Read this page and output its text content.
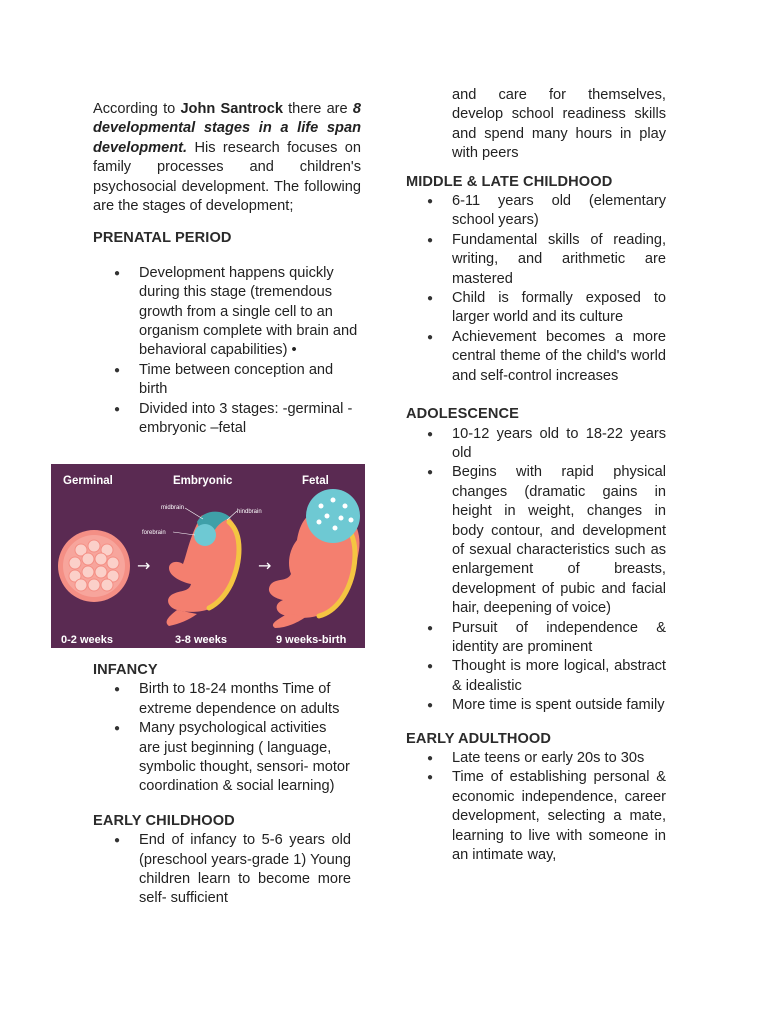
According to John Santrock there are 8 developmental stages in a life span development. His research focuses on family processes and children's psychosocial development. The following are the stages of development;

PRENATAL PERIOD
● Development happens quickly during this stage (tremendous growth from a single cell to an organism complete with brain and behavioral capabilities) •
● Time between conception and birth
● Divided into 3 stages: -germinal -embryonic –fetal
Germinal	Embryonic	Fetal
→	→
midbrain
hindbrain
forebrain
0-2 weeks	3-8 weeks	9 weeks-birth
INFANCY
● Birth to 18-24 months Time of extreme dependence on adults
● Many psychological activities are just beginning ( language, symbolic thought, sensori- motor coordination & social learning)
EARLY CHILDHOOD
● End of infancy to 5-6 years old (preschool years-grade 1) Young children learn to become more self- sufficient
and care for themselves, develop school readiness skills and spend many hours in play with peers
MIDDLE & LATE CHILDHOOD
● 6-11 years old (elementary school years)
● Fundamental skills of reading, writing, and arithmetic are mastered
● Child is formally exposed to larger world and its culture
● Achievement becomes a more central theme of the child's world and self-control increases
ADOLESCENCE
● 10-12 years old to 18-22 years old
● Begins with rapid physical changes (dramatic gains in height in weight, changes in body contour, and development of sexual characteristics such as enlargement of breasts, development of pubic and facial hair, deepening of voice)
● Pursuit of independence & identity are prominent
● Thought is more logical, abstract & idealistic
● More time is spent outside family
EARLY ADULTHOOD
● Late teens or early 20s to 30s
● Time of establishing personal & economic independence, career development, selecting a mate, learning to live with someone in an intimate way,
